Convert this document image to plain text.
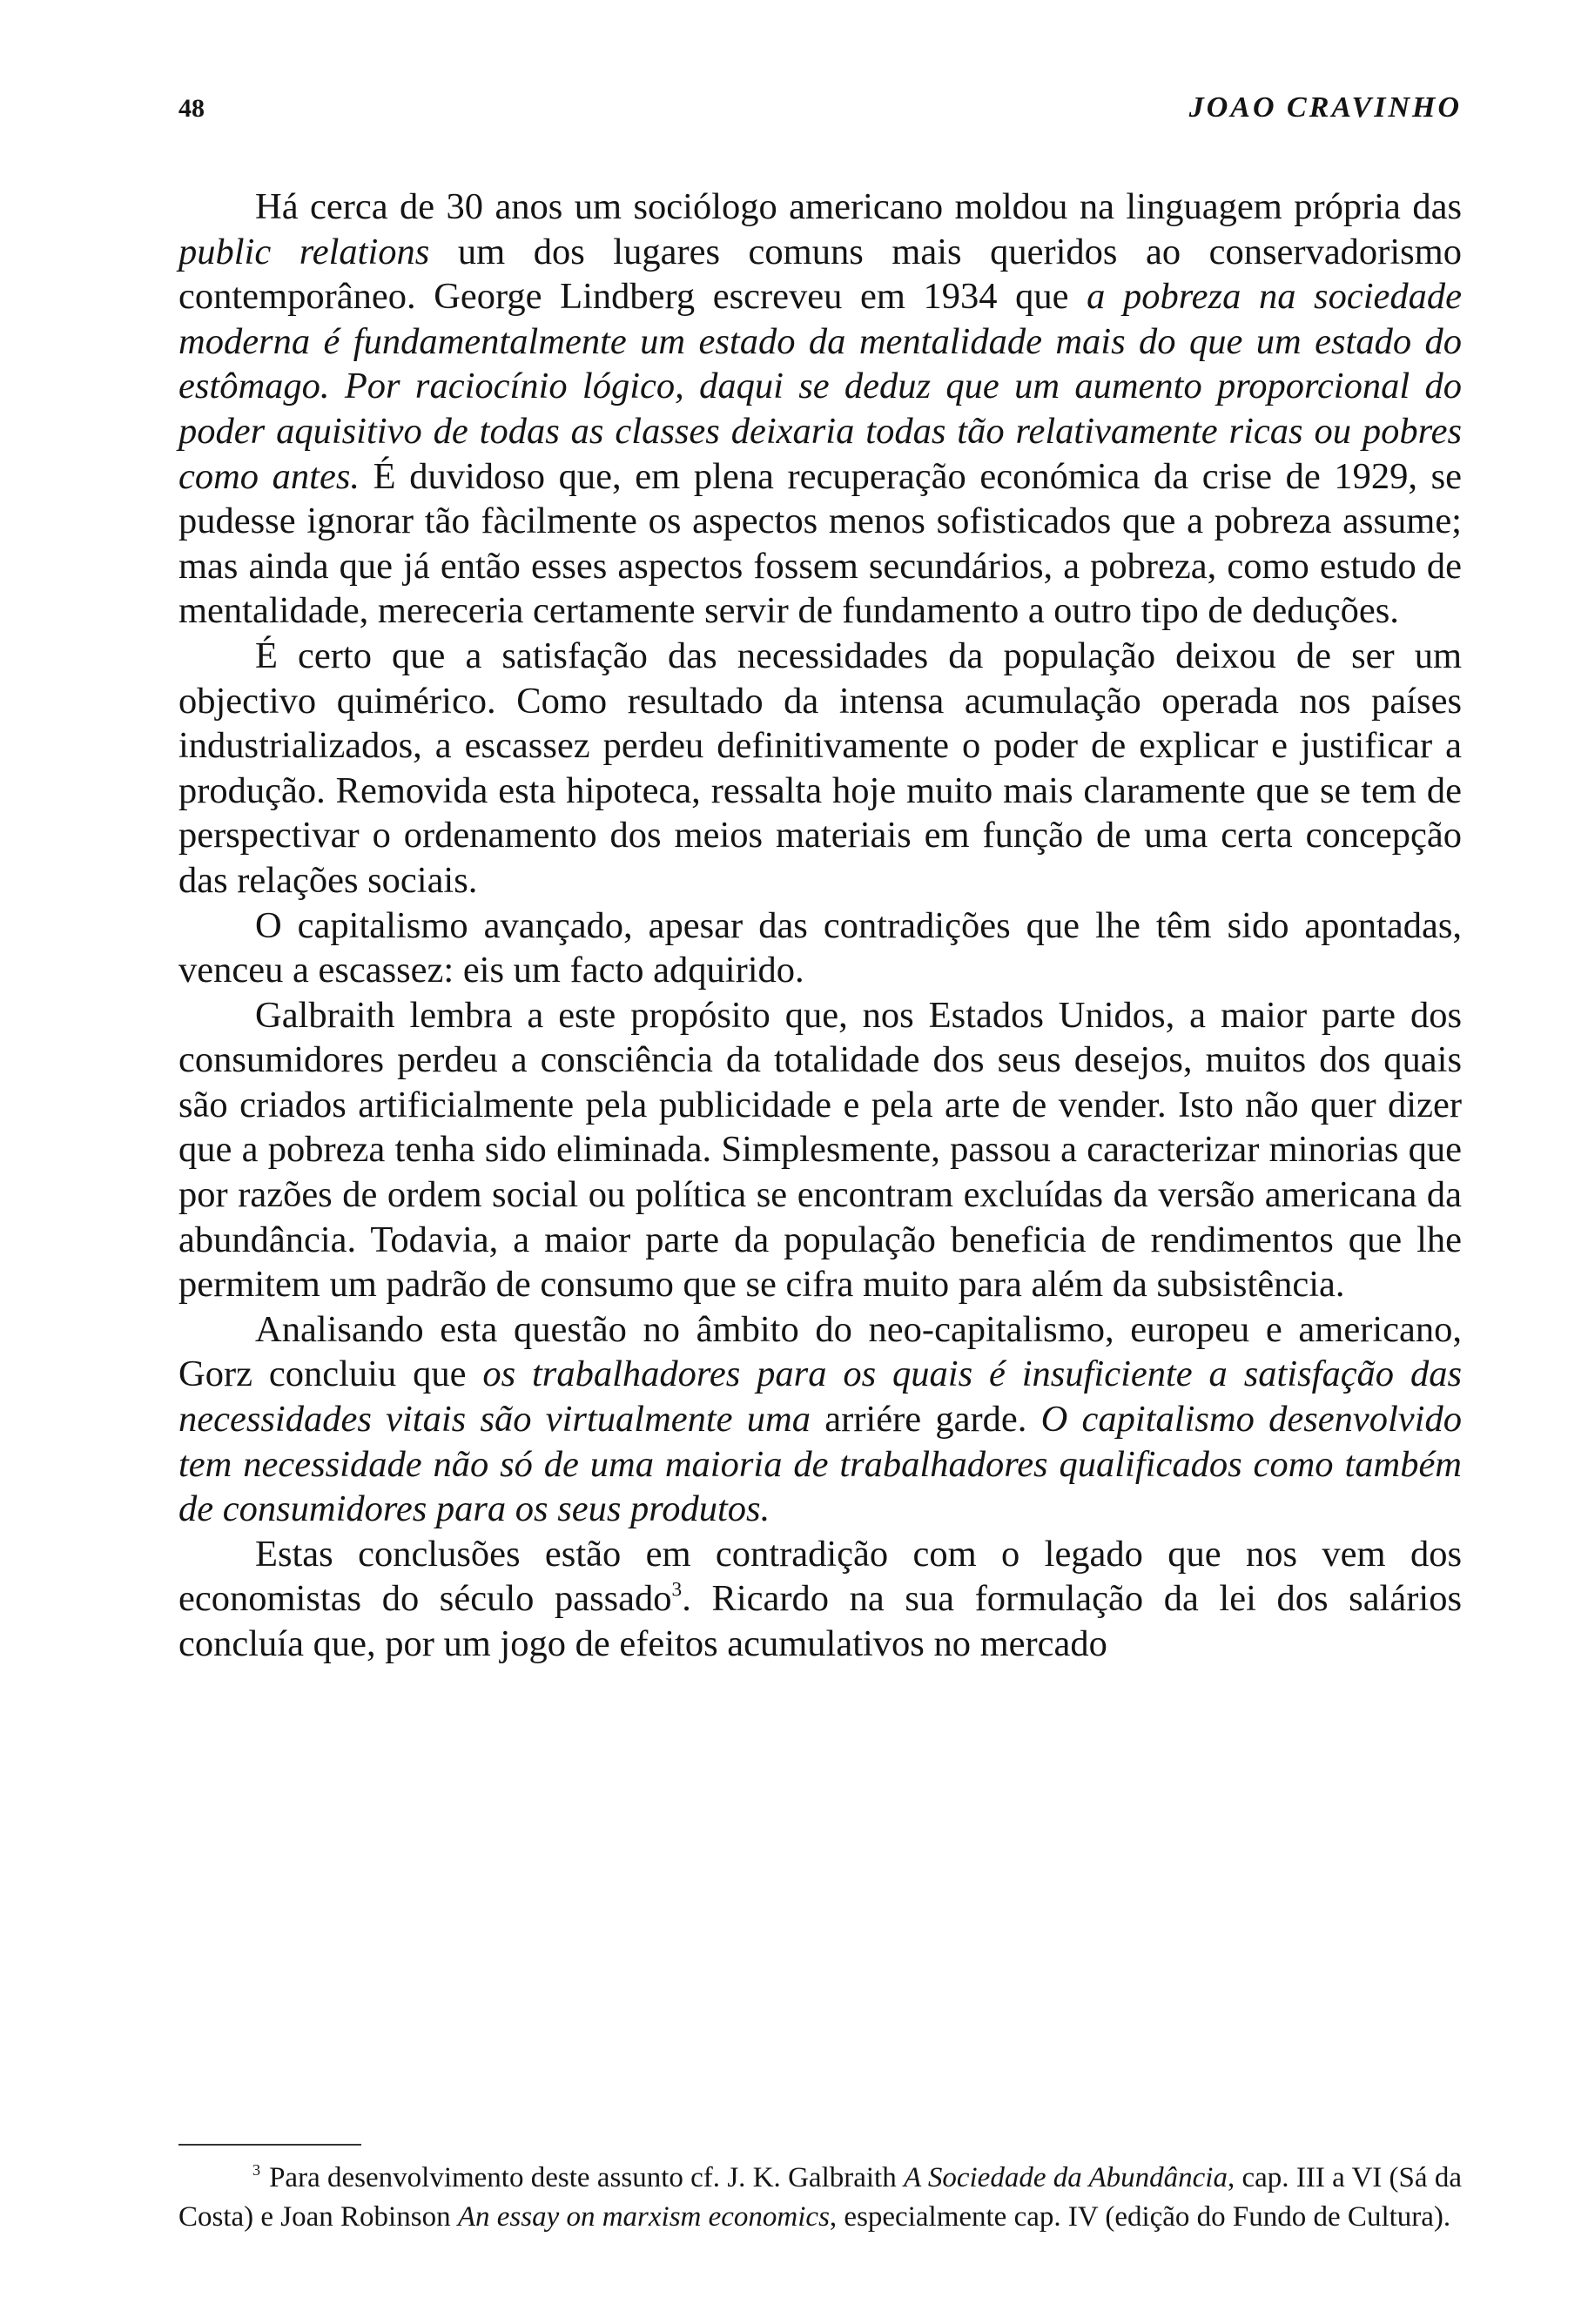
48	JOAO CRAVINHO

Há cerca de 30 anos um sociólogo americano moldou na linguagem própria das public relations um dos lugares comuns mais queridos ao conservadorismo contemporâneo. George Lindberg escreveu em 1934 que a pobreza na sociedade moderna é fundamentalmente um estado da mentalidade mais do que um estado do estômago. Por raciocínio lógico, daqui se deduz que um aumento proporcional do poder aquisitivo de todas as classes deixaria todas tão relativamente ricas ou pobres como antes. É duvidoso que, em plena recuperação económica da crise de 1929, se pudesse ignorar tão fàcilmente os aspectos menos sofisticados que a pobreza assume; mas ainda que já então esses aspectos fossem secundários, a pobreza, como estudo de mentalidade, mereceria certamente servir de fundamento a outro tipo de deduções.

É certo que a satisfação das necessidades da população deixou de ser um objectivo quimérico. Como resultado da intensa acumulação operada nos países industrializados, a escassez perdeu definitivamente o poder de explicar e justificar a produção. Removida esta hipoteca, ressalta hoje muito mais claramente que se tem de perspectivar o ordenamento dos meios materiais em função de uma certa concepção das relações sociais.

O capitalismo avançado, apesar das contradições que lhe têm sido apontadas, venceu a escassez: eis um facto adquirido.

Galbraith lembra a este propósito que, nos Estados Unidos, a maior parte dos consumidores perdeu a consciência da totalidade dos seus desejos, muitos dos quais são criados artificialmente pela publicidade e pela arte de vender. Isto não quer dizer que a pobreza tenha sido eliminada. Simplesmente, passou a caracterizar minorias que por razões de ordem social ou política se encontram excluídas da versão americana da abundância. Todavia, a maior parte da população beneficia de rendimentos que lhe permitem um padrão de consumo que se cifra muito para além da subsistência.

Analisando esta questão no âmbito do neo-capitalismo, europeu e americano, Gorz concluiu que os trabalhadores para os quais é insuficiente a satisfação das necessidades vitais são virtualmente uma arriére garde. O capitalismo desenvolvido tem necessidade não só de uma maioria de trabalhadores qualificados como também de consumidores para os seus produtos.

Estas conclusões estão em contradição com o legado que nos vem dos economistas do século passado$^3$. Ricardo na sua formulação da lei dos salários concluía que, por um jogo de efeitos acumulativos no mercado

$^3$ Para desenvolvimento deste assunto cf. J. K. Galbraith A Sociedade da Abundância, cap. III a VI (Sá da Costa) e Joan Robinson An essay on marxism economics, especialmente cap. IV (edição do Fundo de Cultura).
